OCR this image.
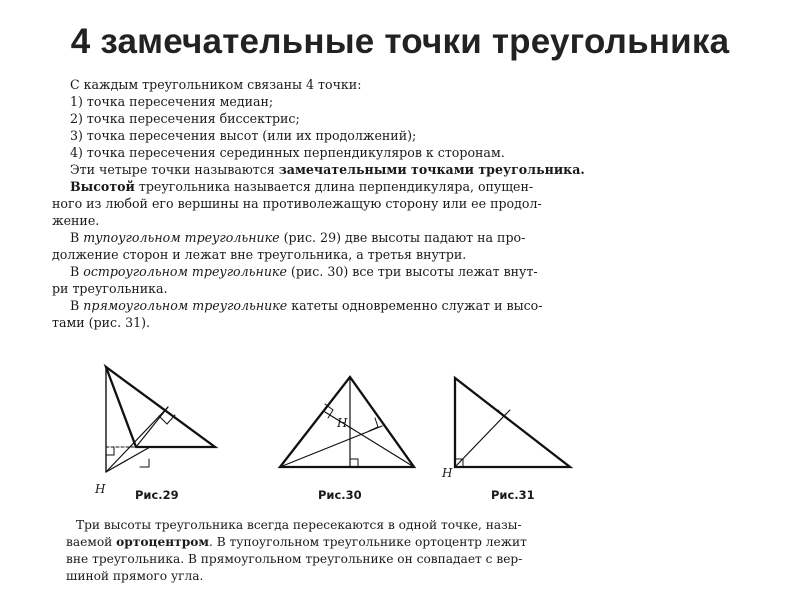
4 замечательные точки треугольника
С каждым треугольником связаны 4 точки:
1) точка пересечения медиан;
2) точка пересечения биссектрис;
3) точка пересечения высот (или их продолжений);
4) точка пересечения серединных перпендикуляров к сторонам.
Эти четыре точки называются замечательными точками треугольника.
Высотой треугольника называется длина перпендикуляра, опущен-
ного из любой его вершины на противолежащую сторону или ее продол-
жение.
В тупоугольном треугольнике (рис. 29) две высоты падают на про-
должение сторон и лежат вне треугольника, а третья внутри.
В остроугольном треугольнике (рис. 30) все три высоты лежат внут-
ри треугольника.
В прямоугольном треугольнике катеты одновременно служат и высо-
тами (рис. 31).
H
H
H
Рис.29	Рис.30	Рис.31
Три высоты треугольника всегда пересекаются в одной точке, назы-
ваемой ортоцентром. В тупоугольном треугольнике ортоцентр лежит
вне треугольника. В прямоугольном треугольнике он совпадает с вер-
шиной прямого угла.
